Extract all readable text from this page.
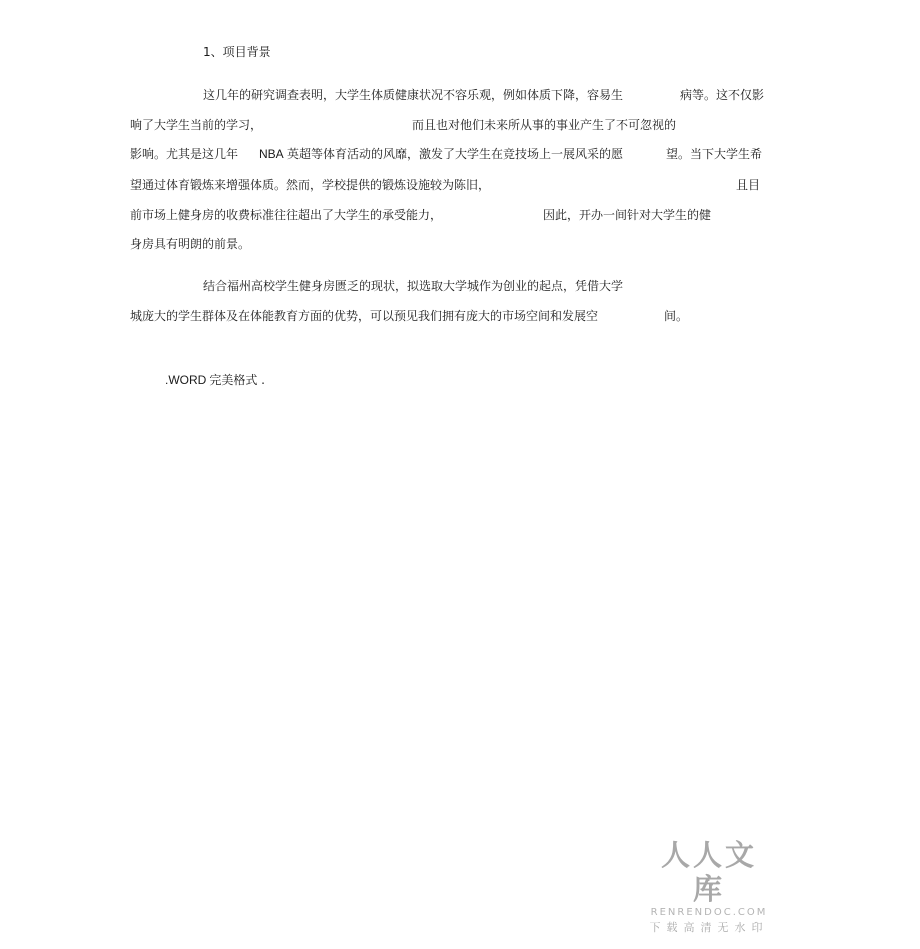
1、项目背景
这几年的研究调查表明，大学生体质健康状况不容乐观，例如体质下降，容易生	病等。这不仅影
响了大学生当前的学习，	而且也对他们未来所从事的事业产生了不可忽视的
影响。尤其是这几年 NBA 英超等体育活动的风靡，激发了大学生在竞技场上一展风采的愿	望。当下大学生希
望通过体育锻炼来增强体质。然而，学校提供的锻炼设施较为陈旧，	且目
前市场上健身房的收费标准往往超出了大学生的承受能力，	因此，开办一间针对大学生的健
身房具有明朗的前景。
结合福州高校学生健身房匮乏的现状，拟选取大学城作为创业的起点，凭借大学
城庞大的学生群体及在体能教育方面的优势，可以预见我们拥有庞大的市场空间和发展空	间。
.WORD 完美格式 .
人人文库
RENRENDOC.COM
下载高清无水印
